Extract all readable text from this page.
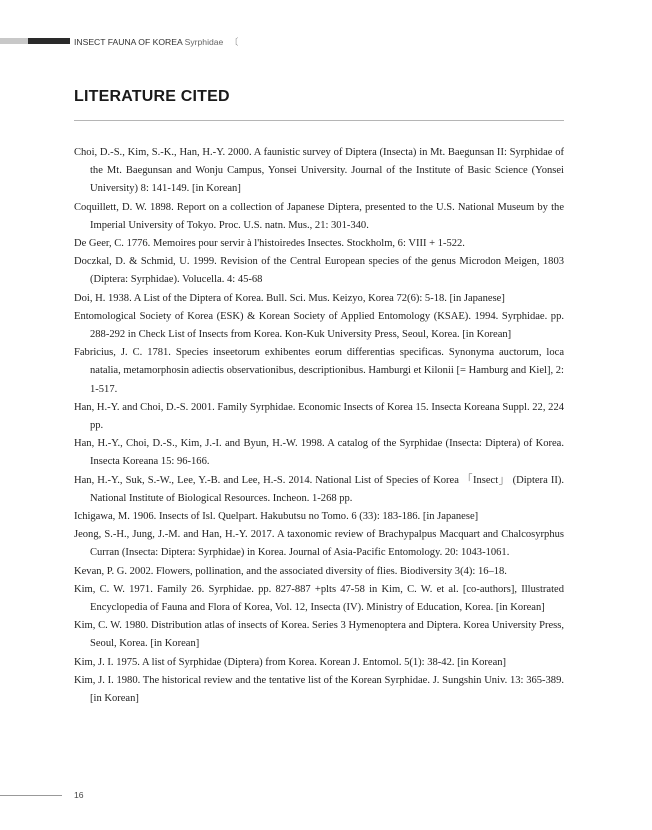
INSECT FAUNA OF KOREA Syrphidae 〔
LITERATURE CITED
Choi, D.-S., Kim, S.-K., Han, H.-Y. 2000. A faunistic survey of Diptera (Insecta) in Mt. Baegunsan II: Syrphidae of the Mt. Baegunsan and Wonju Campus, Yonsei University. Journal of the Institute of Basic Science (Yonsei University) 8: 141-149. [in Korean]
Coquillett, D. W. 1898. Report on a collection of Japanese Diptera, presented to the U.S. National Museum by the Imperial University of Tokyo. Proc. U.S. natn. Mus., 21: 301-340.
De Geer, C. 1776. Memoires pour servir à l'histoiredes Insectes. Stockholm, 6: VIII + 1-522.
Doczkal, D. & Schmid, U. 1999. Revision of the Central European species of the genus Microdon Meigen, 1803 (Diptera: Syrphidae). Volucella. 4: 45-68
Doi, H. 1938. A List of the Diptera of Korea. Bull. Sci. Mus. Keizyo, Korea 72(6): 5-18. [in Japanese]
Entomological Society of Korea (ESK) & Korean Society of Applied Entomology (KSAE). 1994. Syrphidae. pp. 288-292 in Check List of Insects from Korea. Kon-Kuk University Press, Seoul, Korea. [in Korean]
Fabricius, J. C. 1781. Species inseetorum exhibentes eorum differentias specificas. Synonyma auctorum, loca natalia, metamorphosin adiectis observationibus, descriptionibus. Hamburgi et Kilonii [= Hamburg and Kiel], 2: 1-517.
Han, H.-Y. and Choi, D.-S. 2001. Family Syrphidae. Economic Insects of Korea 15. Insecta Koreana Suppl. 22, 224 pp.
Han, H.-Y., Choi, D.-S., Kim, J.-I. and Byun, H.-W. 1998. A catalog of the Syrphidae (Insecta: Diptera) of Korea. Insecta Koreana 15: 96-166.
Han, H.-Y., Suk, S.-W., Lee, Y.-B. and Lee, H.-S. 2014. National List of Species of Korea 「Insect」 (Diptera II). National Institute of Biological Resources. Incheon. 1-268 pp.
Ichigawa, M. 1906. Insects of Isl. Quelpart. Hakubutsu no Tomo. 6 (33): 183-186. [in Japanese]
Jeong, S.-H., Jung, J.-M. and Han, H.-Y. 2017. A taxonomic review of Brachypalpus Macquart and Chalcosyrphus Curran (Insecta: Diptera: Syrphidae) in Korea. Journal of Asia-Pacific Entomology. 20: 1043-1061.
Kevan, P. G. 2002. Flowers, pollination, and the associated diversity of flies. Biodiversity 3(4): 16–18.
Kim, C. W. 1971. Family 26. Syrphidae. pp. 827-887 +plts 47-58 in Kim, C. W. et al. [co-authors], Illustrated Encyclopedia of Fauna and Flora of Korea, Vol. 12, Insecta (IV). Ministry of Education, Korea. [in Korean]
Kim, C. W. 1980. Distribution atlas of insects of Korea. Series 3 Hymenoptera and Diptera. Korea University Press, Seoul, Korea. [in Korean]
Kim, J. I. 1975. A list of Syrphidae (Diptera) from Korea. Korean J. Entomol. 5(1): 38-42. [in Korean]
Kim, J. I. 1980. The historical review and the tentative list of the Korean Syrphidae. J. Sungshin Univ. 13: 365-389. [in Korean]
16
